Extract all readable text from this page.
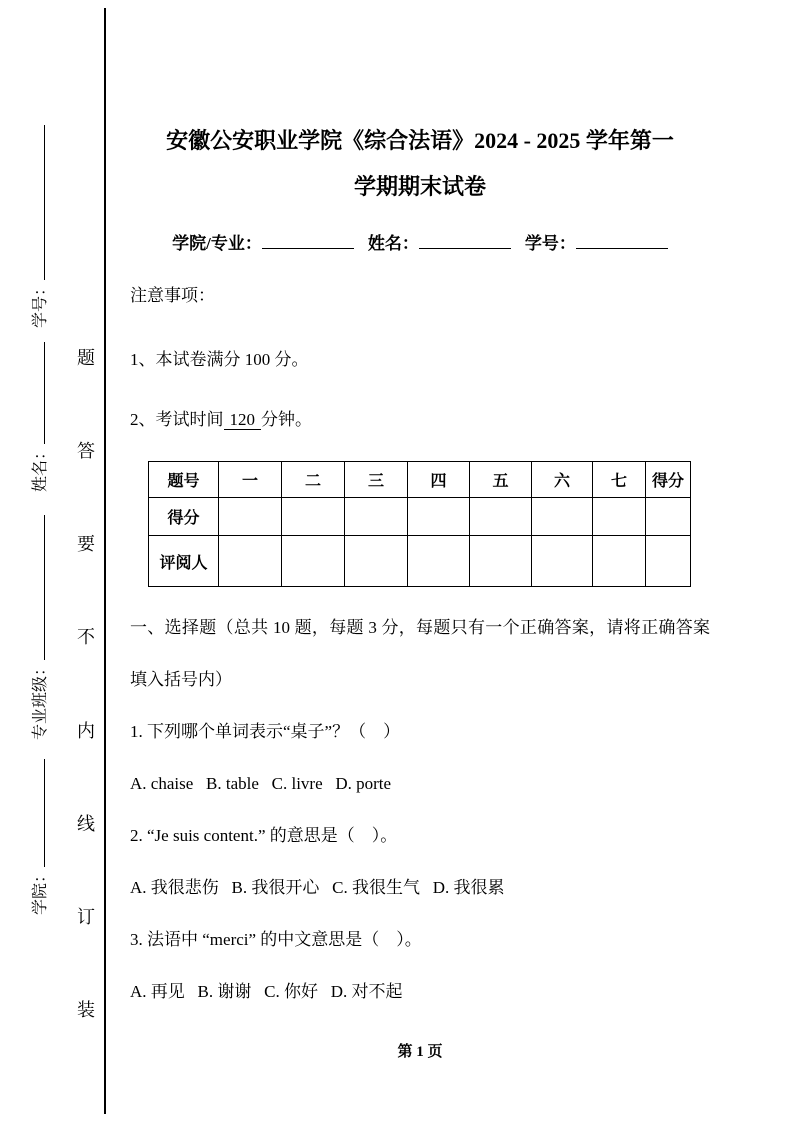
学号：
姓名：
专业班级：
学院：
题
答
要
不
内
线
订
装
安徽公安职业学院《综合法语》2024 - 2025 学年第一
学期期末试卷
学院/专业：	姓名：	学号：
注意事项：
1、本试卷满分 100 分。
2、考试时间 120 分钟。
题号	一	二	三	四	五	六	七	得分
得分								
评阅人								
一、选择题（总共 10 题，每题 3 分，每题只有一个正确答案，请将正确答案填入括号内）
1. 下列哪个单词表示“桌子”？（　）
A. chaise   B. table   C. livre   D. porte
2. “Je suis content.” 的意思是（　）。
A. 我很悲伤   B. 我很开心   C. 我很生气   D. 我很累
3. 法语中 “merci” 的中文意思是（　）。
A. 再见   B. 谢谢   C. 你好   D. 对不起
第 1 页
